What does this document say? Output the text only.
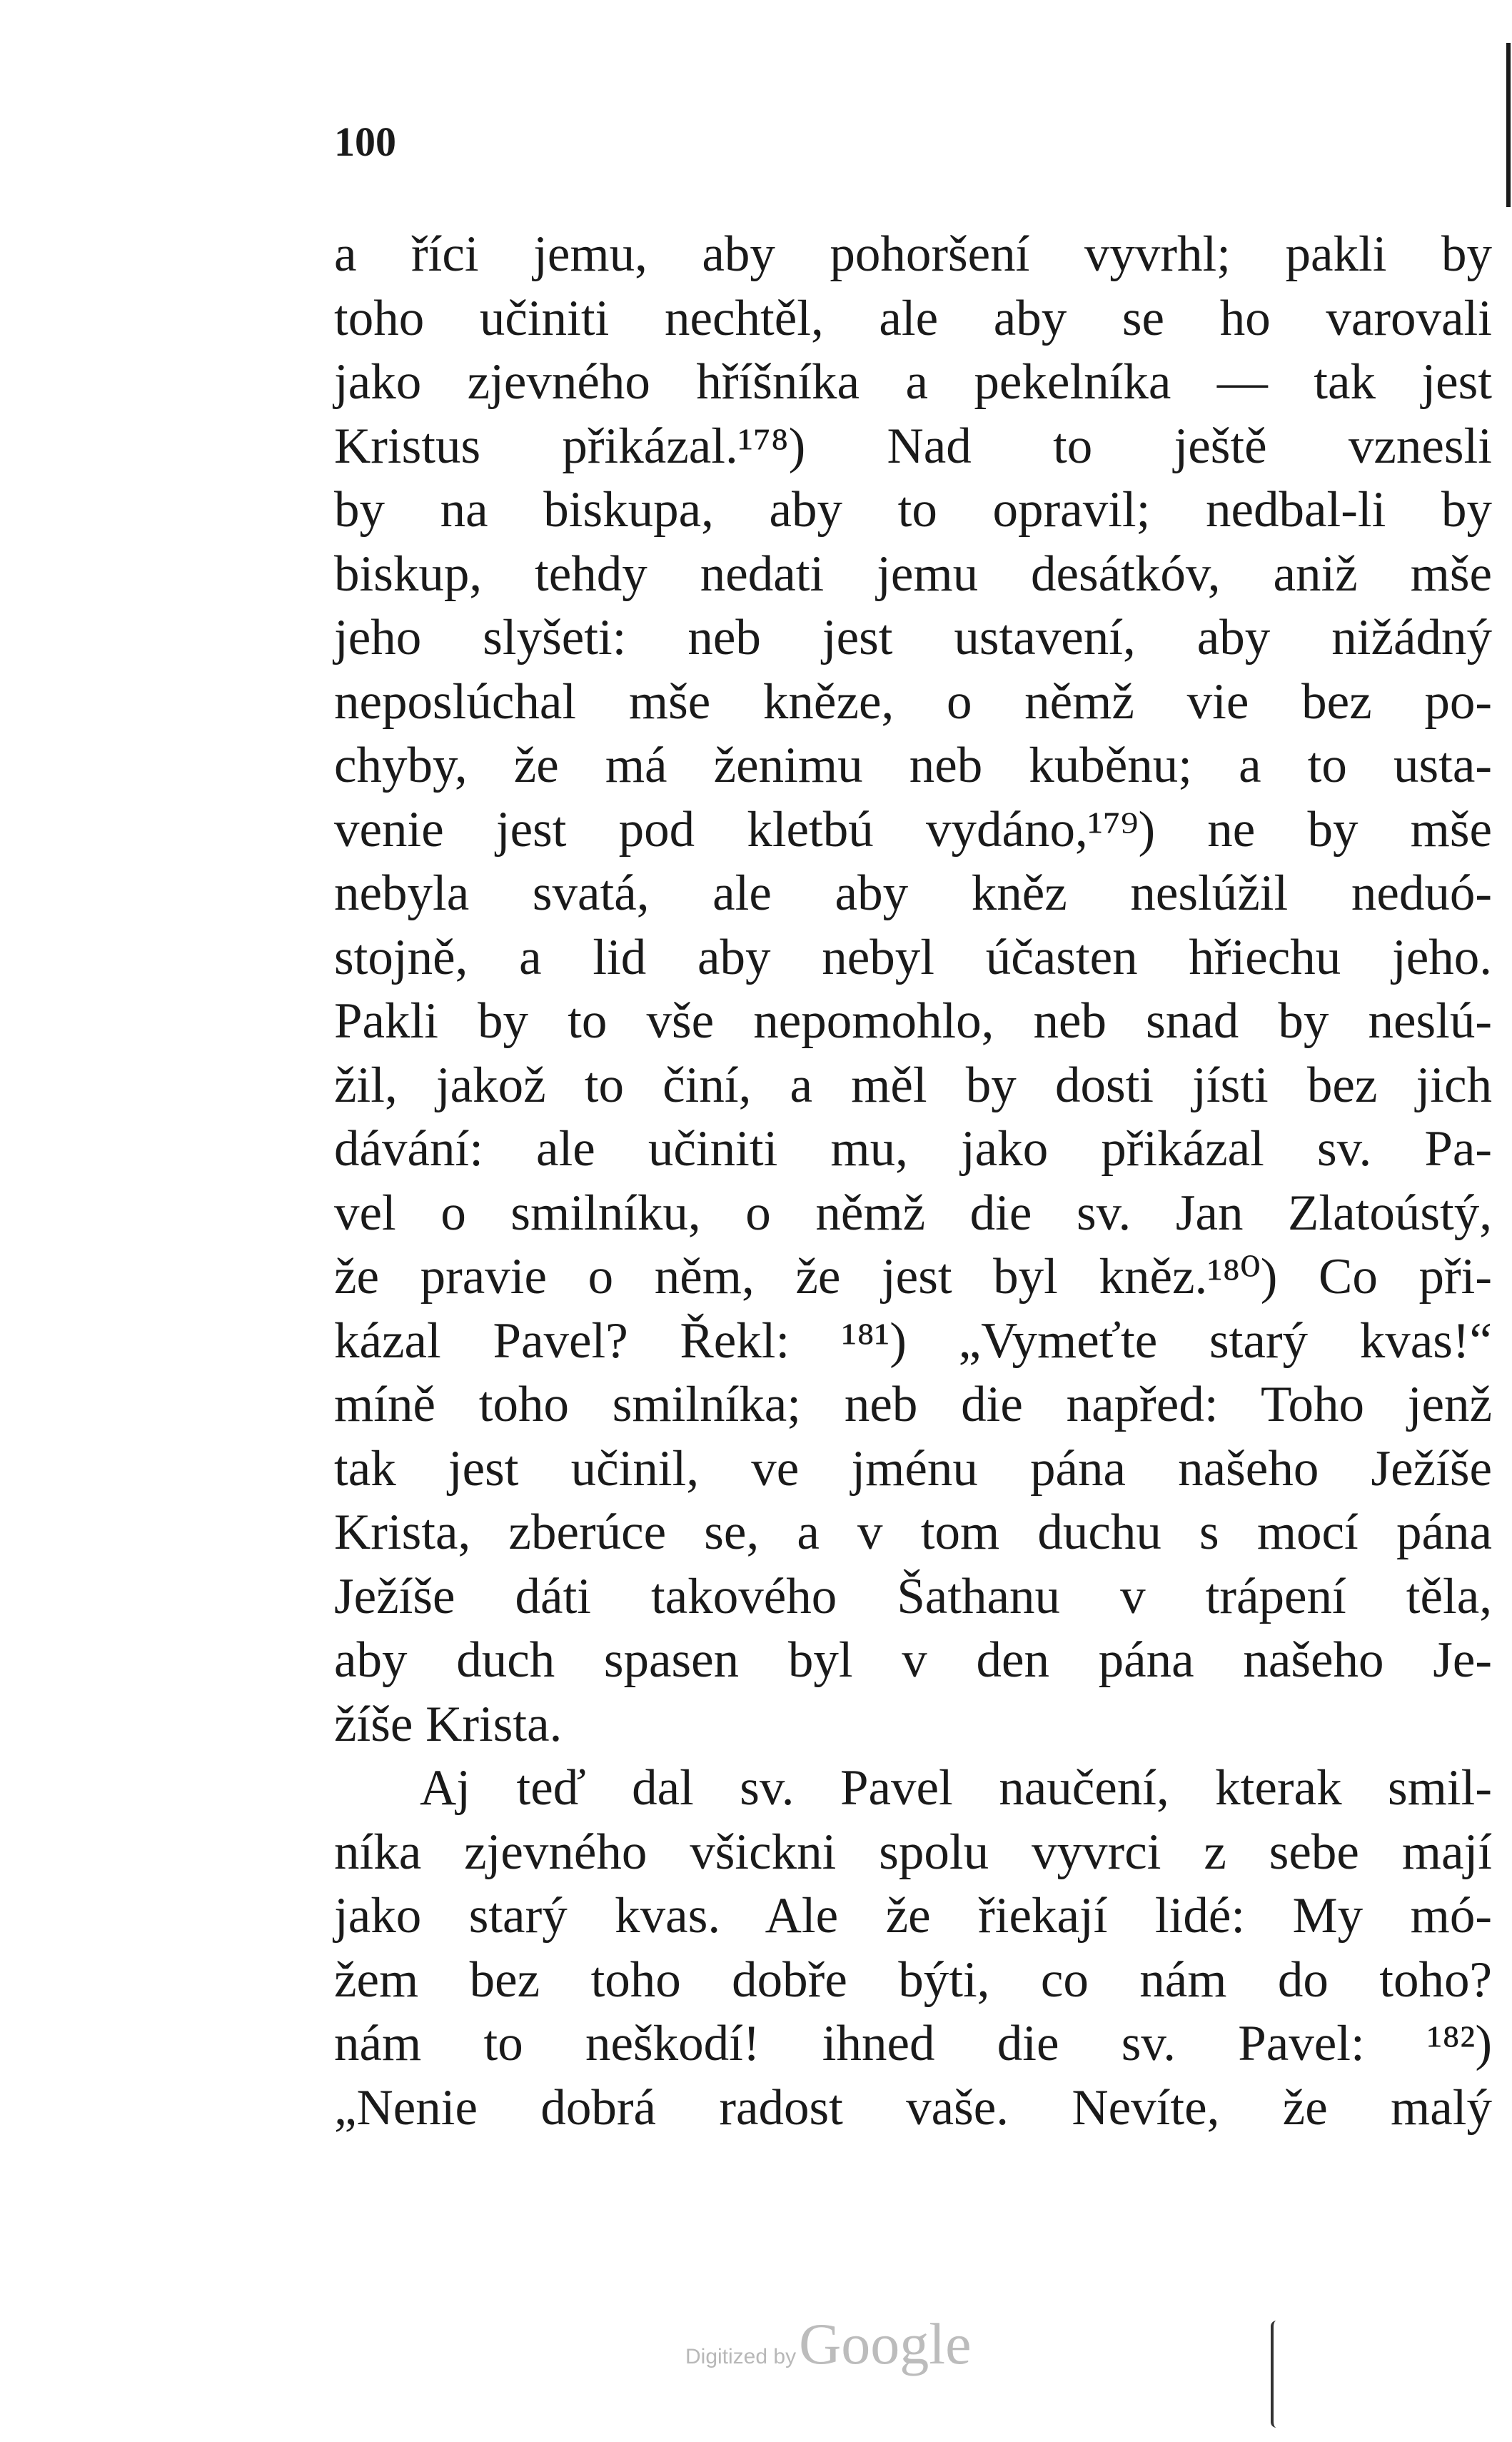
100
a říci jemu, aby pohoršení vyvrhl; pakli by
toho učiniti nechtěl, ale aby se ho varovali
jako zjevného hříšníka a pekelníka — tak jest
Kristus přikázal.¹⁷⁸) Nad to ještě vznesli
by na biskupa, aby to opravil; nedbal-li by
biskup, tehdy nedati jemu desátkóv, aniž mše
jeho slyšeti: neb jest ustavení, aby nižádný
neposlúchal mše kněze, o němž vie bez po-
chyby, že má ženimu neb kuběnu; a to usta-
venie jest pod kletbú vydáno,¹⁷⁹) ne by mše
nebyla svatá, ale aby kněz neslúžil neduó-
stojně, a lid aby nebyl účasten hřiechu jeho.
Pakli by to vše nepomohlo, neb snad by neslú-
žil, jakož to činí, a měl by dosti jísti bez jich
dávání: ale učiniti mu, jako přikázal sv. Pa-
vel o smilníku, o němž die sv. Jan Zlatoústý,
že pravie o něm, že jest byl kněz.¹⁸⁰) Co při-
kázal Pavel? Řekl: ¹⁸¹) „Vymeťte starý kvas!“
míně toho smilníka; neb die napřed: Toho jenž
tak jest učinil, ve jménu pána našeho Ježíše
Krista, zberúce se, a v tom duchu s mocí pána
Ježíše dáti takového Šathanu v trápení těla,
aby duch spasen byl v den pána našeho Je-
žíše Krista.
Aj teď dal sv. Pavel naučení, kterak smil-
níka zjevného všickni spolu vyvrci z sebe mají
jako starý kvas. Ale že řiekají lidé: My mó-
žem bez toho dobře býti, co nám do toho?
nám to neškodí! ihned die sv. Pavel: ¹⁸²)
„Nenie dobrá radost vaše. Nevíte, že malý
Digitized by Google
